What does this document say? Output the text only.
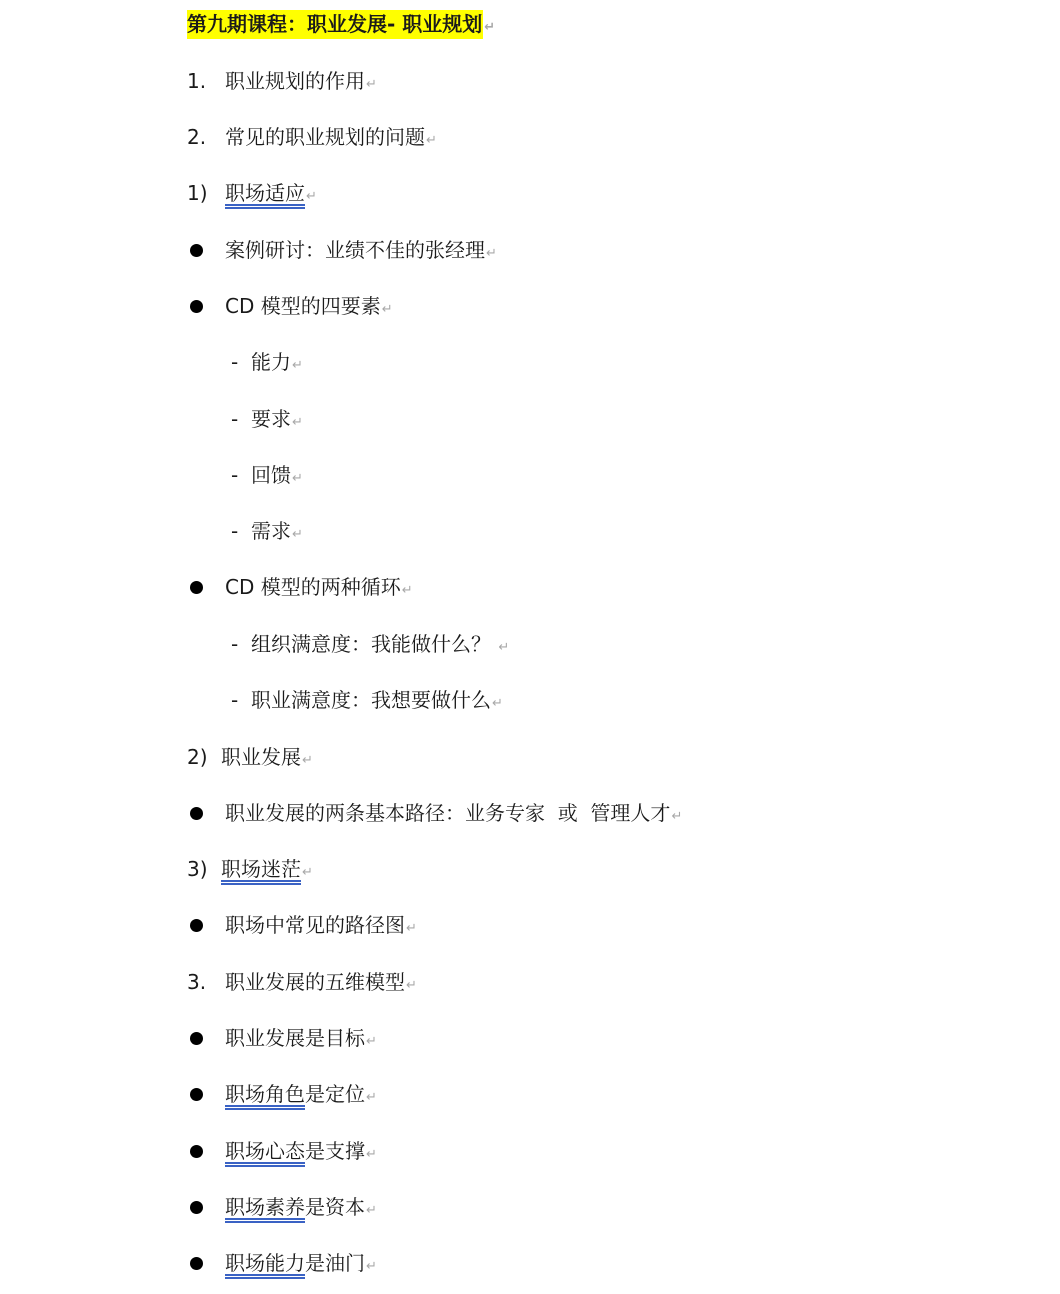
第九期课程：职业发展- 职业规划 ↵
1. 职业规划的作用↵
2. 常见的职业规划的问题↵
1) 职场适应↵
案例研讨：业绩不佳的张经理↵
CD 模型的四要素↵
- 能力↵
- 要求↵
- 回馈↵
- 需求↵
CD 模型的两种循环↵
- 组织满意度：我能做什么？ ↵
- 职业满意度：我想要做什么↵
2) 职业发展↵
职业发展的两条基本路径：业务专家  或  管理人才↵
3) 职场迷茫↵
职场中常见的路径图↵
3. 职业发展的五维模型↵
职业发展是目标↵
职场角色是定位↵
职场心态是支撑↵
职场素养是资本↵
职场能力是油门↵
